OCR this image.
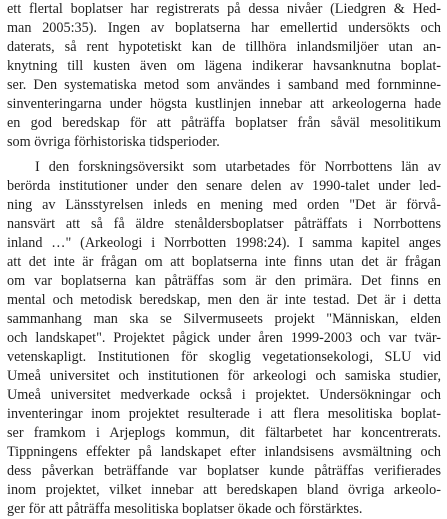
ett flertal boplatser har registrerats på dessa nivåer (Liedgren & Hed-
man 2005:35). Ingen av boplatserna har emellertid undersökts och
daterats, så rent hypotetiskt kan de tillhöra inlandsmiljöer utan an-
knytning till kusten även om lägena indikerar havsanknutna boplat-
ser. Den systematiska metod som användes i samband med fornminne-
sinventeringarna under högsta kustlinjen innebar att arkeologerna hade
en god beredskap för att påträffa boplatser från såväl mesolitikum
som övriga förhistoriska tidsperioder.
I den forskningsöversikt som utarbetades för Norrbottens län av
berörda institutioner under den senare delen av 1990-talet under led-
ning av Länsstyrelsen inleds en mening med orden "Det är förvå-
nansvärt att så få äldre stenåldersboplatser påträffats i Norrbottens
inland …" (Arkeologi i Norrbotten 1998:24). I samma kapitel anges
att det inte är frågan om att boplatserna inte finns utan det är frågan
om var boplatserna kan påträffas som är den primära. Det finns en
mental och metodisk beredskap, men den är inte testad. Det är i detta
sammanhang man ska se Silvermuseets projekt "Människan, elden
och landskapet". Projektet pågick under åren 1999-2003 och var tvär-
vetenskapligt. Institutionen för skoglig vegetationsekologi, SLU vid
Umeå universitet och institutionen för arkeologi och samiska studier,
Umeå universitet medverkade också i projektet. Undersökningar och
inventeringar inom projektet resulterade i att flera mesolitiska boplat-
ser framkom i Arjeplogs kommun, dit fältarbetet har koncentrerats.
Tippningens effekter på landskapet efter inlandsisens avsmältning och
dess påverkan beträffande var boplatser kunde påträffas verifierades
inom projektet, vilket innebar att beredskapen bland övriga arkeolo-
ger för att påträffa mesolitiska boplatser ökade och förstärktes.
